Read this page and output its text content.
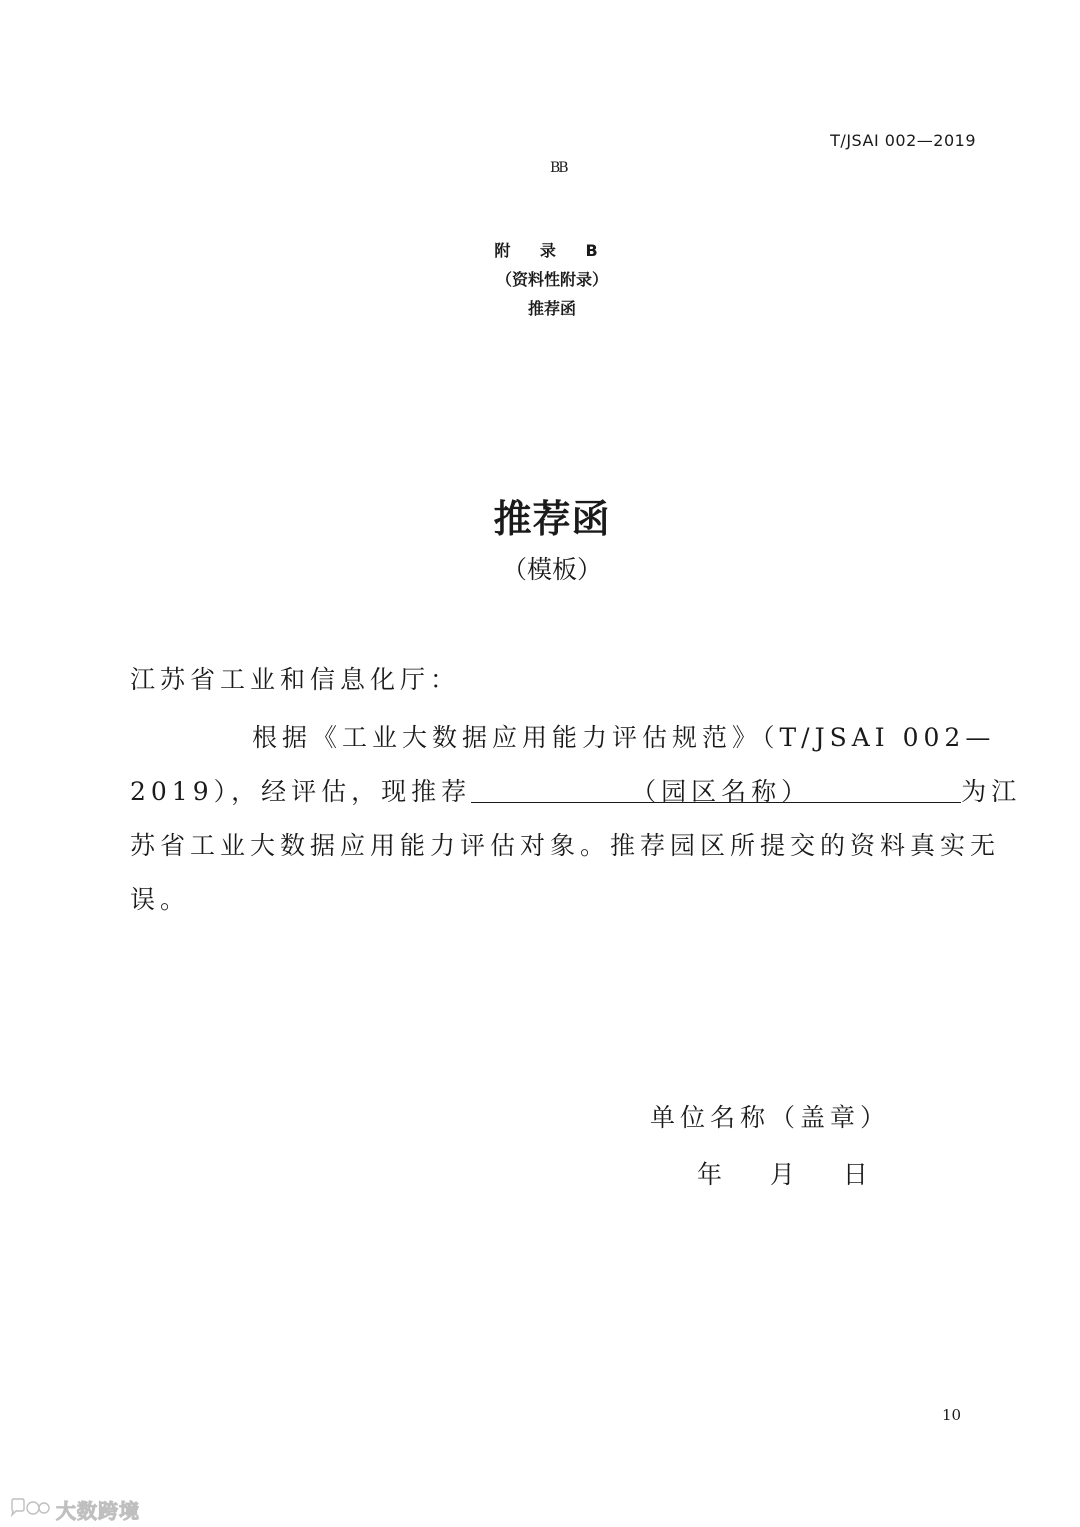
T/JSAI 002—2019
BB
附 录 B
（资料性附录）
推荐函
推荐函
（模板）
江苏省工业和信息化厅：
根据《工业大数据应用能力评估规范》（T/JSAI 002—
2019），经评估，现推荐	（园区名称）	为江
苏省工业大数据应用能力评估对象。推荐园区所提交的资料真实无
误。
单位名称（盖章）
年 月 日
10
大数跨境
